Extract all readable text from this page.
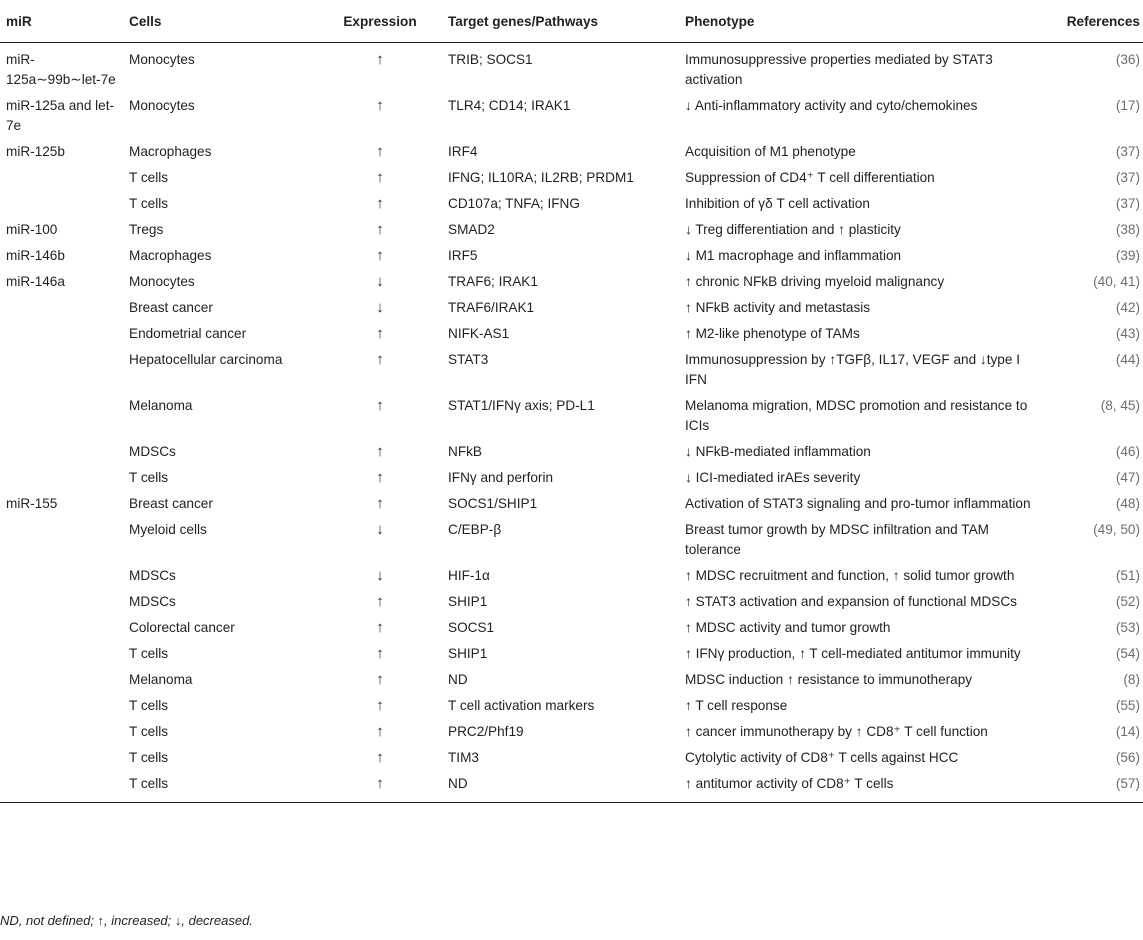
miR	Cells	Expression	Target genes/Pathways	Phenotype	References
miR-125a∼99b∼let-7e	Monocytes	↑	TRIB; SOCS1	Immunosuppressive properties mediated by STAT3 activation	(36)
miR-125a and let-7e	Monocytes	↑	TLR4; CD14; IRAK1	↓ Anti-inflammatory activity and cyto/chemokines	(17)
miR-125b	Macrophages	↑	IRF4	Acquisition of M1 phenotype	(37)
	T cells	↑	IFNG; IL10RA; IL2RB; PRDM1	Suppression of CD4⁺ T cell differentiation	(37)
	T cells	↑	CD107a; TNFA; IFNG	Inhibition of γδ T cell activation	(37)
miR-100	Tregs	↑	SMAD2	↓ Treg differentiation and ↑ plasticity	(38)
miR-146b	Macrophages	↑	IRF5	↓ M1 macrophage and inflammation	(39)
miR-146a	Monocytes	↓	TRAF6; IRAK1	↑ chronic NFkB driving myeloid malignancy	(40, 41)
	Breast cancer	↓	TRAF6/IRAK1	↑ NFkB activity and metastasis	(42)
	Endometrial cancer	↑	NIFK-AS1	↑ M2-like phenotype of TAMs	(43)
	Hepatocellular carcinoma	↑	STAT3	Immunosuppression by ↑TGFβ, IL17, VEGF and ↓type I IFN	(44)
	Melanoma	↑	STAT1/IFNγ axis; PD-L1	Melanoma migration, MDSC promotion and resistance to ICIs	(8, 45)
	MDSCs	↑	NFkB	↓ NFkB-mediated inflammation	(46)
	T cells	↑	IFNγ and perforin	↓ ICI-mediated irAEs severity	(47)
miR-155	Breast cancer	↑	SOCS1/SHIP1	Activation of STAT3 signaling and pro-tumor inflammation	(48)
	Myeloid cells	↓	C/EBP-β	Breast tumor growth by MDSC infiltration and TAM tolerance	(49, 50)
	MDSCs	↓	HIF-1α	↑ MDSC recruitment and function, ↑ solid tumor growth	(51)
	MDSCs	↑	SHIP1	↑ STAT3 activation and expansion of functional MDSCs	(52)
	Colorectal cancer	↑	SOCS1	↑ MDSC activity and tumor growth	(53)
	T cells	↑	SHIP1	↑ IFNγ production, ↑ T cell-mediated antitumor immunity	(54)
	Melanoma	↑	ND	MDSC induction ↑ resistance to immunotherapy	(8)
	T cells	↑	T cell activation markers	↑ T cell response	(55)
	T cells	↑	PRC2/Phf19	↑ cancer immunotherapy by ↑ CD8⁺ T cell function	(14)
	T cells	↑	TIM3	Cytolytic activity of CD8⁺ T cells against HCC	(56)
	T cells	↑	ND	↑ antitumor activity of CD8⁺ T cells	(57)
ND, not defined; ↑, increased; ↓, decreased.
